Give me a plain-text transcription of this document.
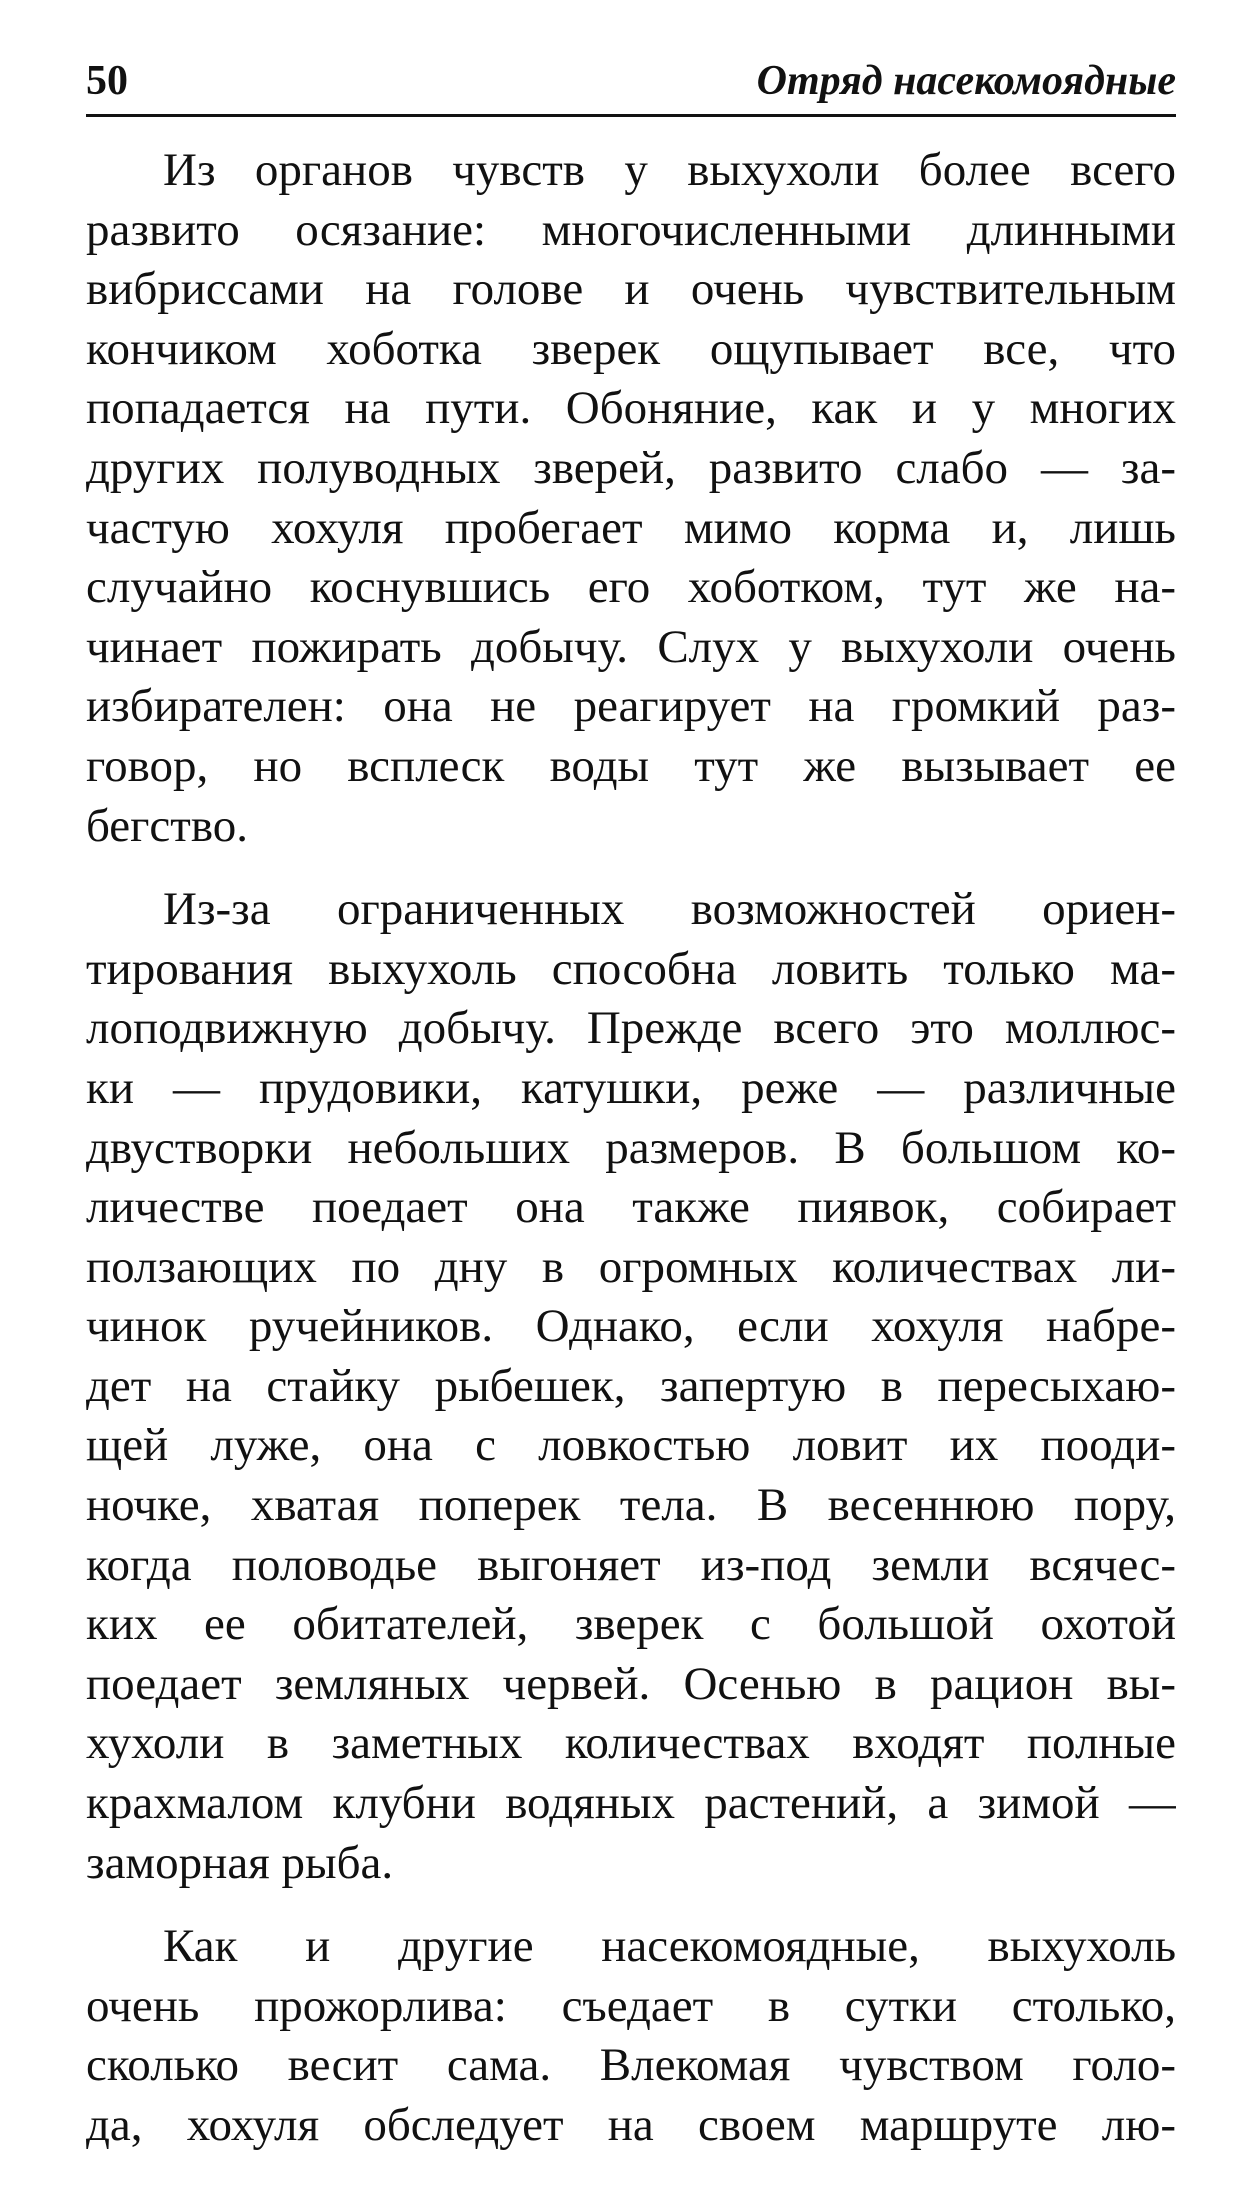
50	Отряд насекомоядные

Из органов чувств у выхухоли более всего
развито осязание: многочисленными длинными
вибриссами на голове и очень чувствительным
кончиком хоботка зверек ощупывает все, что
попадается на пути. Обоняние, как и у многих
других полуводных зверей, развито слабо — за-
частую хохуля пробегает мимо корма и, лишь
случайно коснувшись его хоботком, тут же на-
чинает пожирать добычу. Слух у выхухоли очень
избирателен: она не реагирует на громкий раз-
говор, но всплеск воды тут же вызывает ее
бегство.

Из-за ограниченных возможностей ориен-
тирования выхухоль способна ловить только ма-
лоподвижную добычу. Прежде всего это моллюс-
ки — прудовики, катушки, реже — различные
двустворки небольших размеров. В большом ко-
личестве поедает она также пиявок, собирает
ползающих по дну в огромных количествах ли-
чинок ручейников. Однако, если хохуля набре-
дет на стайку рыбешек, запертую в пересыхаю-
щей луже, она с ловкостью ловит их пооди-
ночке, хватая поперек тела. В весеннюю пору,
когда половодье выгоняет из-под земли всячес-
ких ее обитателей, зверек с большой охотой
поедает земляных червей. Осенью в рацион вы-
хухоли в заметных количествах входят полные
крахмалом клубни водяных растений, а зимой —
заморная рыба.

Как и другие насекомоядные, выхухоль
очень прожорлива: съедает в сутки столько,
сколько весит сама. Влекомая чувством голо-
да, хохуля обследует на своем маршруте лю-
